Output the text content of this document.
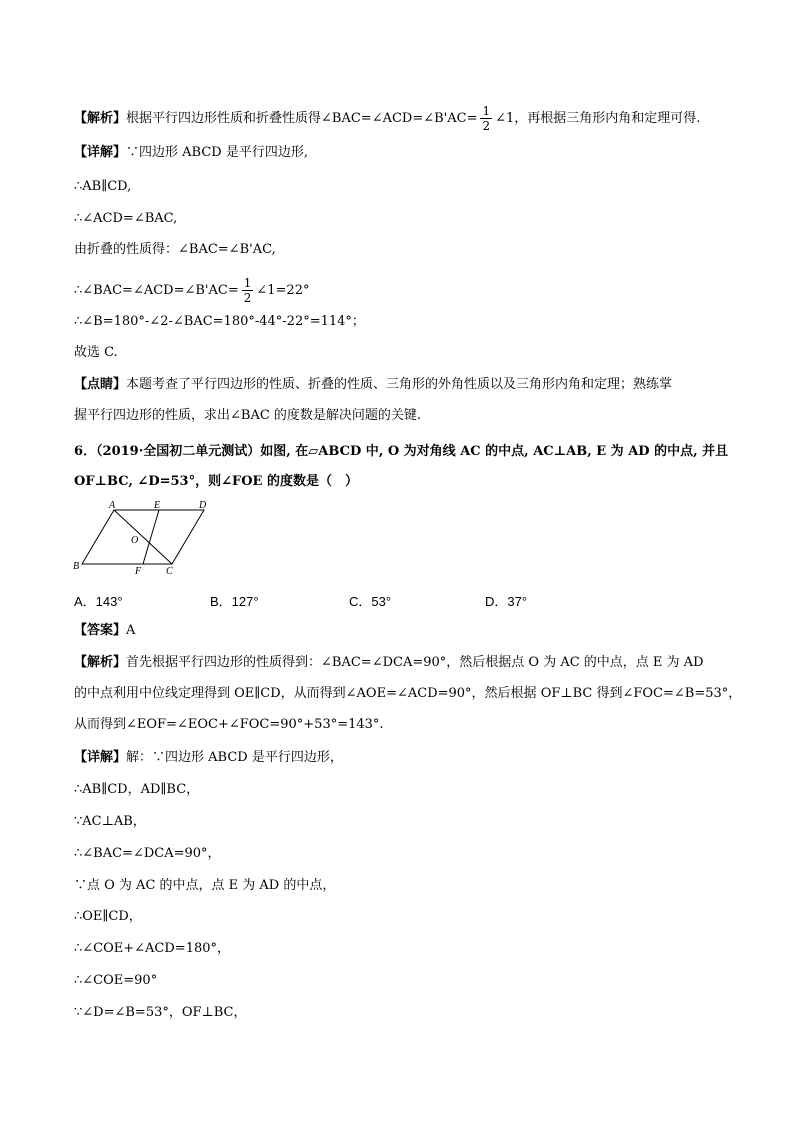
【解析】根据平行四边形性质和折叠性质得∠BAC=∠ACD=∠B'AC= $\frac{1}{2}$ ∠1，再根据三角形内角和定理可得.
【详解】∵四边形 ABCD 是平行四边形,
∴AB∥CD,
∴∠ACD=∠BAC,
由折叠的性质得：∠BAC=∠B'AC,
∴∠BAC=∠ACD=∠B'AC= $\frac{1}{2}$ ∠1=22°
∴∠B=180°-∠2-∠BAC=180°-44°-22°=114°；
故选 C.
【点睛】本题考查了平行四边形的性质、折叠的性质、三角形的外角性质以及三角形内角和定理；熟练掌
握平行四边形的性质，求出∠BAC 的度数是解决问题的关键.
6．（2019·全国初二单元测试）如图, 在▱ABCD 中, O 为对角线 AC 的中点, AC⊥AB, E 为 AD 的中点, 并且
OF⊥BC, ∠D=53°，则∠FOE 的度数是（　）
A
B	C
D
E
O
F
A．143°	B．127°	C．53°	D．37°
【答案】A
【解析】首先根据平行四边形的性质得到：∠BAC=∠DCA=90°，然后根据点 O 为 AC 的中点，点 E 为 AD
的中点利用中位线定理得到 OE∥CD，从而得到∠AOE=∠ACD=90°，然后根据 OF⊥BC 得到∠FOC=∠B=53°，
从而得到∠EOF=∠EOC+∠FOC=90°+53°=143°.
【详解】解：∵四边形 ABCD 是平行四边形，
∴AB∥CD，AD∥BC，
∵AC⊥AB，
∴∠BAC=∠DCA=90°，
∵点 O 为 AC 的中点，点 E 为 AD 的中点，
∴OE∥CD，
∴∠COE+∠ACD=180°，
∴∠COE=90°
∵∠D=∠B=53°，OF⊥BC，
